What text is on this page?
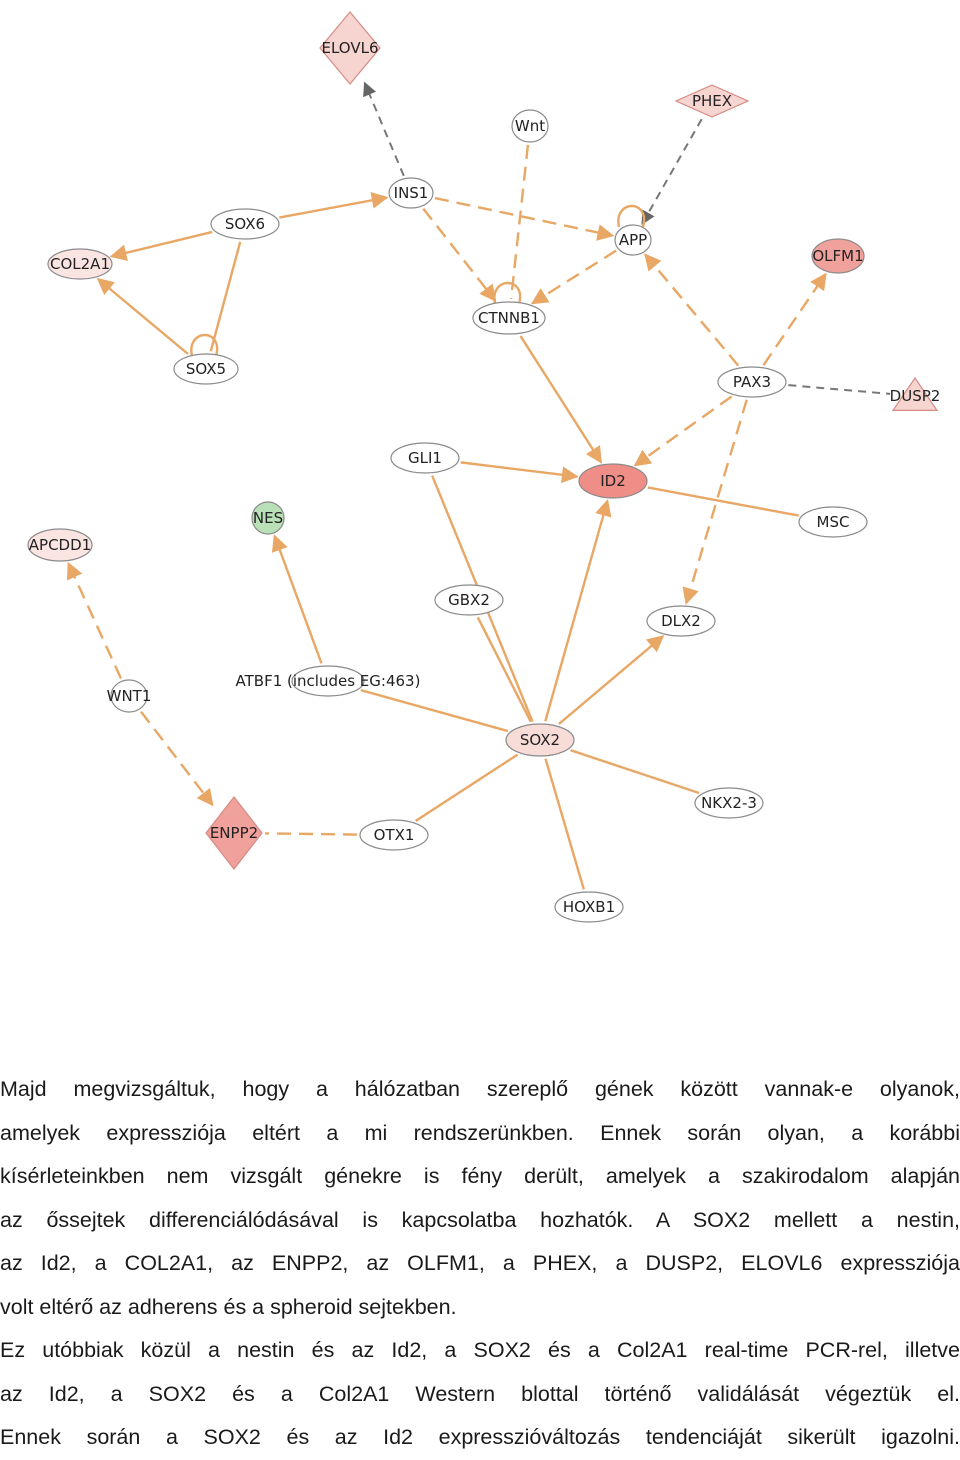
ELOVL6
Wnt
PHEX
INS1
SOX6
COL2A1
APP
OLFM1
CTNNB1
SOX5
PAX3
DUSP2
GLI1
ID2
NES	MSC
APCDD1
GBX2
DLX2
WNT1
ATBF1 (includes EG:463)
SOX2
NKX2-3
ENPP2	OTX1
HOXB1

Majd megvizsgáltuk, hogy a hálózatban szereplő gének között vannak-e olyanok,
amelyek expressziója eltért a mi rendszerünkben. Ennek során olyan, a korábbi
kísérleteinkben nem vizsgált génekre is fény derült, amelyek a szakirodalom alapján
az őssejtek differenciálódásával is kapcsolatba hozhatók. A SOX2 mellett a nestin,
az Id2, a COL2A1, az ENPP2, az OLFM1, a PHEX, a DUSP2, ELOVL6 expressziója
volt eltérő az adherens és a spheroid sejtekben.

Ez utóbbiak közül a nestin és az Id2, a SOX2 és a Col2A1 real-time PCR-rel, illetve
az Id2, a SOX2 és a Col2A1 Western blottal történő validálását végeztük el.
Ennek során a SOX2 és az Id2 expresszióváltozás tendenciáját sikerült igazolni.
